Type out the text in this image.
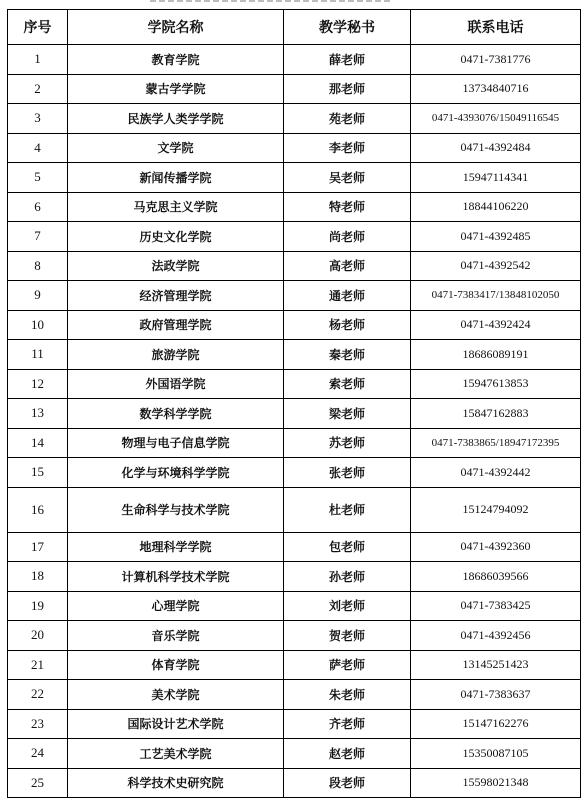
序号	学院名称	教学秘书	联系电话
1	教育学院	薛老师	0471-7381776
2	蒙古学学院	那老师	13734840716
3	民族学人类学学院	苑老师	0471-4393076/15049116545
4	文学院	李老师	0471-4392484
5	新闻传播学院	吴老师	15947114341
6	马克思主义学院	特老师	18844106220
7	历史文化学院	尚老师	0471-4392485
8	法政学院	高老师	0471-4392542
9	经济管理学院	通老师	0471-7383417/13848102050
10	政府管理学院	杨老师	0471-4392424
11	旅游学院	秦老师	18686089191
12	外国语学院	索老师	15947613853
13	数学科学学院	梁老师	15847162883
14	物理与电子信息学院	苏老师	0471-7383865/18947172395
15	化学与环境科学学院	张老师	0471-4392442
16	生命科学与技术学院	杜老师	15124794092
17	地理科学学院	包老师	0471-4392360
18	计算机科学技术学院	孙老师	18686039566
19	心理学院	刘老师	0471-7383425
20	音乐学院	贺老师	0471-4392456
21	体育学院	萨老师	13145251423
22	美术学院	朱老师	0471-7383637
23	国际设计艺术学院	齐老师	15147162276
24	工艺美术学院	赵老师	15350087105
25	科学技术史研究院	段老师	15598021348
